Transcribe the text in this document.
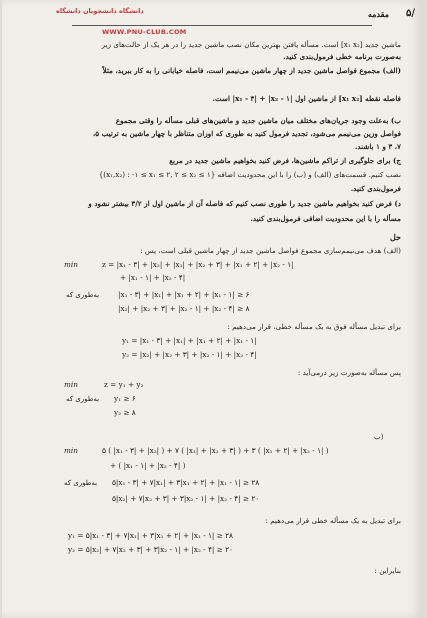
۵/
مقدمه
دانشگاه دانشجویان دانشگاه
WWW.PNU-CLUB.COM
ماشین جدید [x₁ x₂] است. مسأله یافتن بهترین مکان نصب ماشین جدید را در هر یک از حالت‌های زیر
به‌صورت برنامه خطی فرمول‌بندی کنید.
(الف) مجموع فواصل ماشین جدید از چهار ماشین می‌نیمم است، فاصله خیابانی را به کار ببرید، مثلاً
فاصله نقطه [x₁ x₂] از ماشین اول |x₁ - ۳| + |x₂ - ۱| است.
ب) به‌علت وجود جریان‌های مختلف میان ماشین جدید و ماشین‌های قبلی مسأله را وقتی مجموع
فواصل وزین می‌نیمم می‌شود، تجدید فرمول کنید به طوری که اوزان متناظر با چهار ماشین به ترتیب ۵،
۷، ۳ و ۱ باشند.
ج) برای جلوگیری از تراکم ماشین‌ها، فرض کنید بخواهیم ماشین جدید در مربع
{(x₁,x₂) : -۱ ≤ x₁ ≤ ۲, ۲ ≤ x₂ ≤ ۱} نصب کنیم. قسمت‌های (الف) و (ب) را با این محدودیت اضافه
فرمول‌بندی کنید.
د) فرض کنید بخواهیم ماشین جدید را طوری نصب کنیم که فاصله آن از ماشین اول از ۳/۲ بیشتر نشود و
مسأله را با این محدودیت اضافی فرمول‌بندی کنید.
حل
(الف) هدف می‌نیمم‌سازی مجموع فواصل ماشین جدید از چهار ماشین قبلی است، پس :
min	z = |x₁ - ۳| + |x₂| + |x₁| + |x₂ + ۳| + |x₁ + ۲| + |x₂ - ۱|
+ |x₁ - ۱| + |x₂ - ۴|
به‌طوری که	|x₁ - ۳| + |x₁| + |x₁ + ۲| + |x₁ - ۱| ≥ ۶
|x₂| + |x₂ + ۳| + |x₂ - ۱| + |x₂ - ۴| ≥ ۸
برای تبدیل مسأله فوق به یک مسأله خطی، قرار می‌دهیم :
y₁ = |x₁ - ۳| + |x₁| + |x₁ + ۲| + |x₁ - ۱|
y₂ = |x₂| + |x₂ + ۳| + |x₂ - ۱| + |x₂ - ۴|
پس مسأله به‌صورت زیر درمی‌آید :
min	z = y₁ + y₂
به‌طوری که y₁ ≥ ۶
y₂ ≥ ۸
(ب
min	۵ ( |x₁ - ۳| + |x₂| ) + ۷ ( |x₁| + |x₂ + ۳| ) + ۳ ( |x₁ + ۲| + |x₂ - ۱| )
+ ( |x₁ - ۱| + |x₂ - ۴| )
به‌طوری که ۵|x₁ - ۳| + ۷|x₁| + ۳|x₁ + ۲| + |x₁ - ۱| ≥ ۲۸
۵|x₂| + ۷|x₂ + ۳| + ۳|x₂ - ۱| + |x₂ - ۴| ≥ ۲۰
برای تبدیل به یک مسأله خطی قرار می‌دهیم :
y₁ = ۵|x₁ - ۳| + ۷|x₁| + ۳|x₁ + ۲| + |x₁ - ۱| ≥ ۲۸
y₂ = ۵|x₂| + ۷|x₂ + ۳| + ۳|x₂ - ۱| + |x₂ - ۴| ≥ ۲۰
بنابراین :
